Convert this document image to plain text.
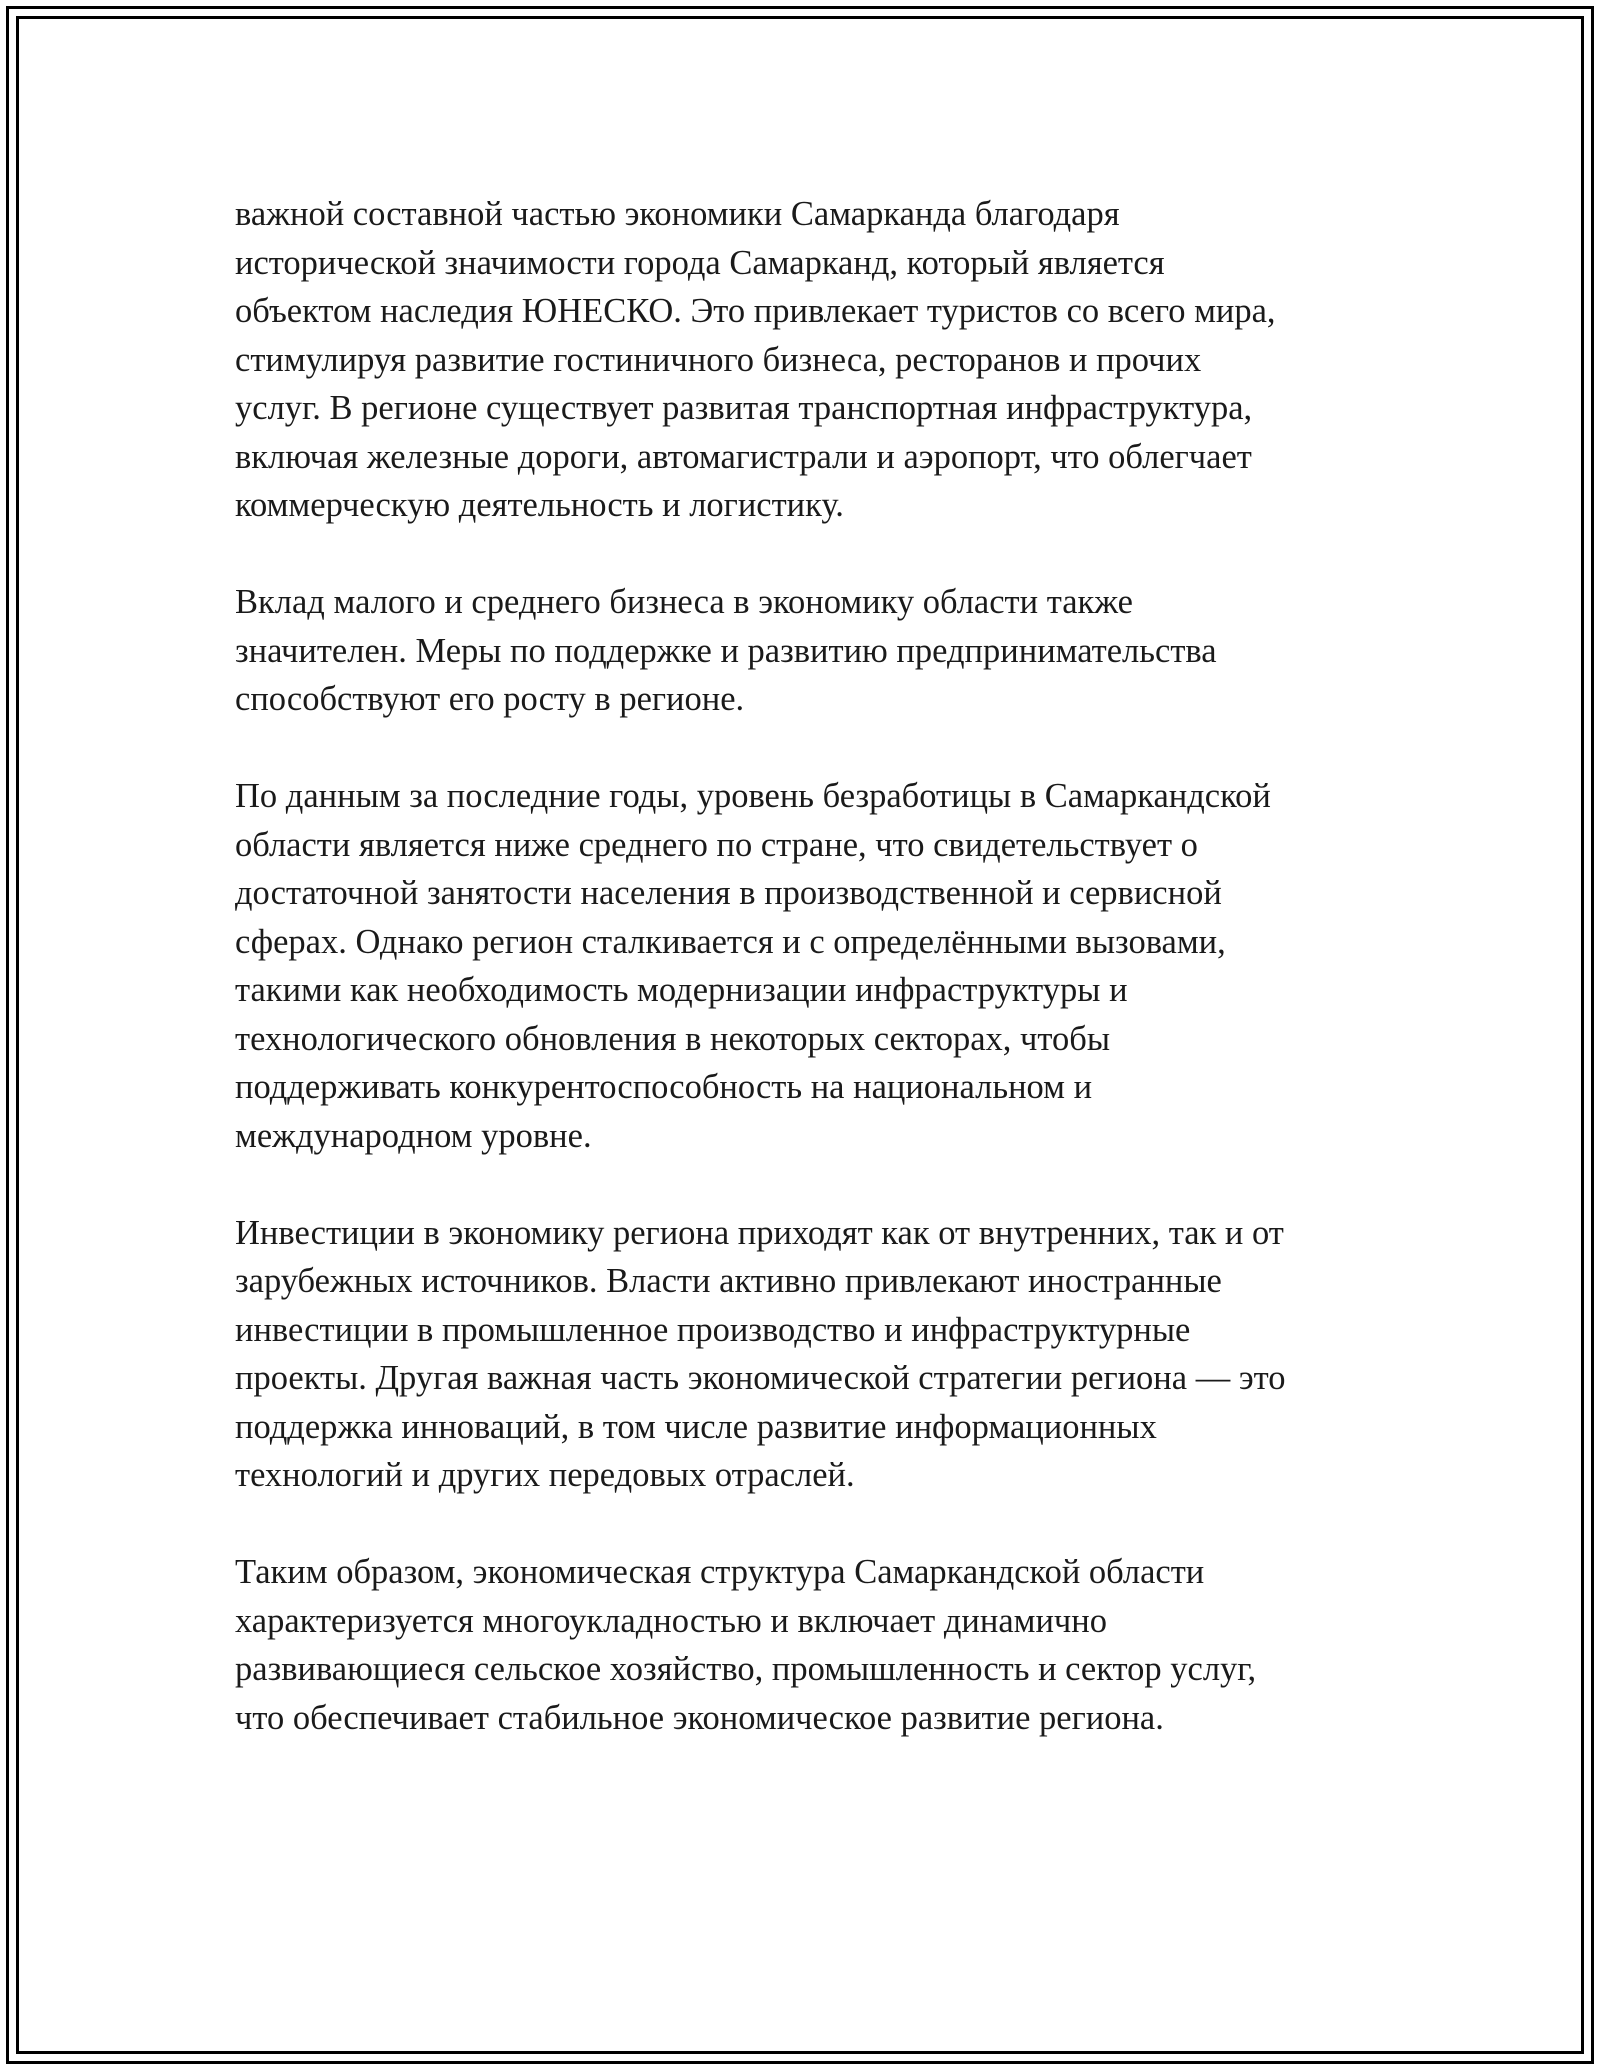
важной составной частью экономики Самарканда благодаря
исторической значимости города Самарканд, который является
объектом наследия ЮНЕСКО. Это привлекает туристов со всего мира,
стимулируя развитие гостиничного бизнеса, ресторанов и прочих
услуг. В регионе существует развитая транспортная инфраструктура,
включая железные дороги, автомагистрали и аэропорт, что облегчает
коммерческую деятельность и логистику.

Вклад малого и среднего бизнеса в экономику области также
значителен. Меры по поддержке и развитию предпринимательства
способствуют его росту в регионе.

По данным за последние годы, уровень безработицы в Самаркандской
области является ниже среднего по стране, что свидетельствует о
достаточной занятости населения в производственной и сервисной
сферах. Однако регион сталкивается и с определёнными вызовами,
такими как необходимость модернизации инфраструктуры и
технологического обновления в некоторых секторах, чтобы
поддерживать конкурентоспособность на национальном и
международном уровне.

Инвестиции в экономику региона приходят как от внутренних, так и от
зарубежных источников. Власти активно привлекают иностранные
инвестиции в промышленное производство и инфраструктурные
проекты. Другая важная часть экономической стратегии региона — это
поддержка инноваций, в том числе развитие информационных
технологий и других передовых отраслей.

Таким образом, экономическая структура Самаркандской области
характеризуется многоукладностью и включает динамично
развивающиеся сельское хозяйство, промышленность и сектор услуг,
что обеспечивает стабильное экономическое развитие региона.
